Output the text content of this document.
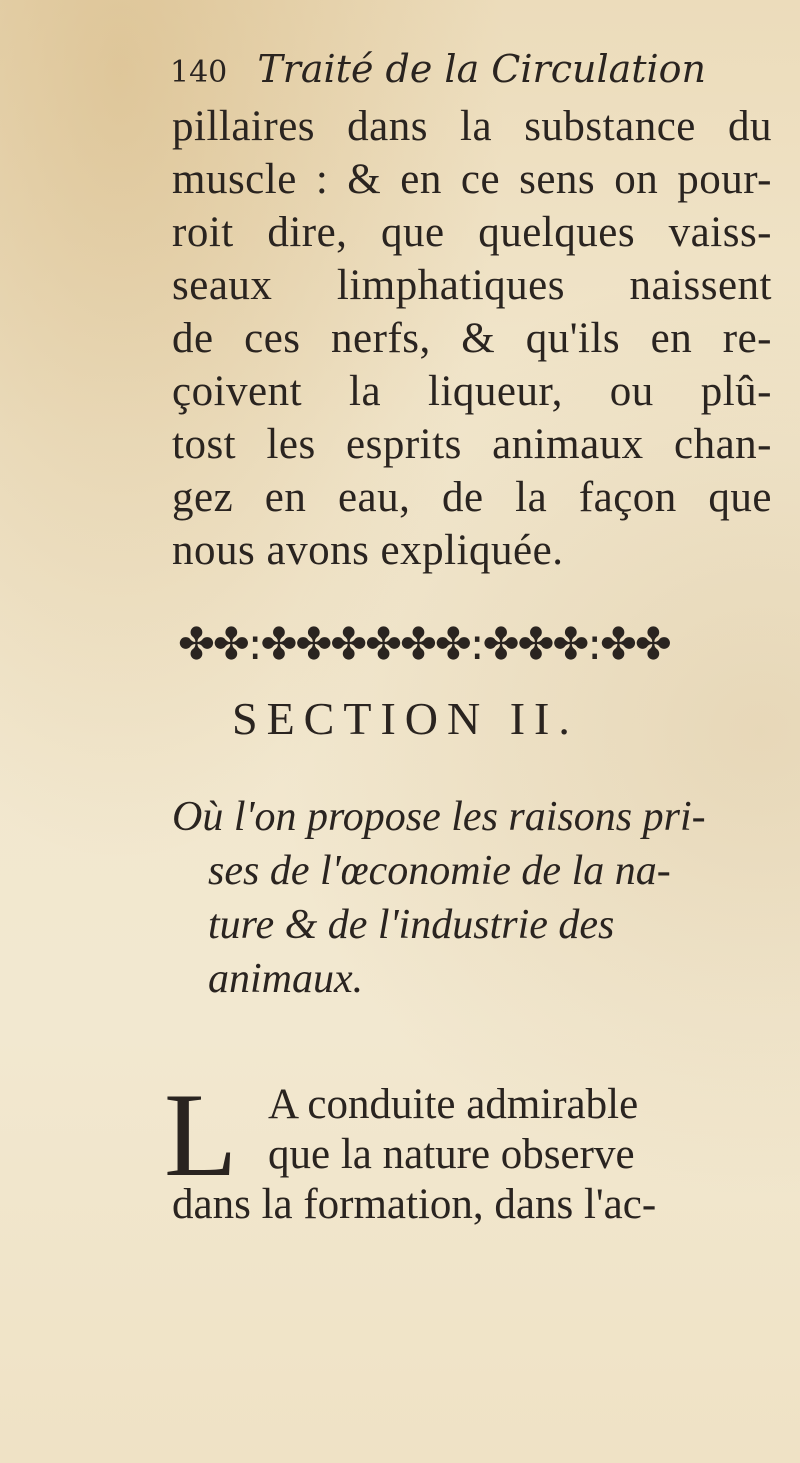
140 Traité de la Circulation
pillaires dans la substance du
muscle : & en ce sens on pour-
roit dire, que quelques vaiss-
seaux limphatiques naissent
de ces nerfs, & qu'ils en re-
çoivent la liqueur, ou plû-
tost les esprits animaux chan-
gez en eau, de la façon que
nous avons expliquée.
✤✤:✤✤✤✤✤✤:✤✤✤:✤✤
SECTION II.
Où l'on propose les raisons pri-
ses de l'œconomie de la na-
ture & de l'industrie des
animaux.
L A conduite admirable
que la nature observe
dans la formation, dans l'ac-
